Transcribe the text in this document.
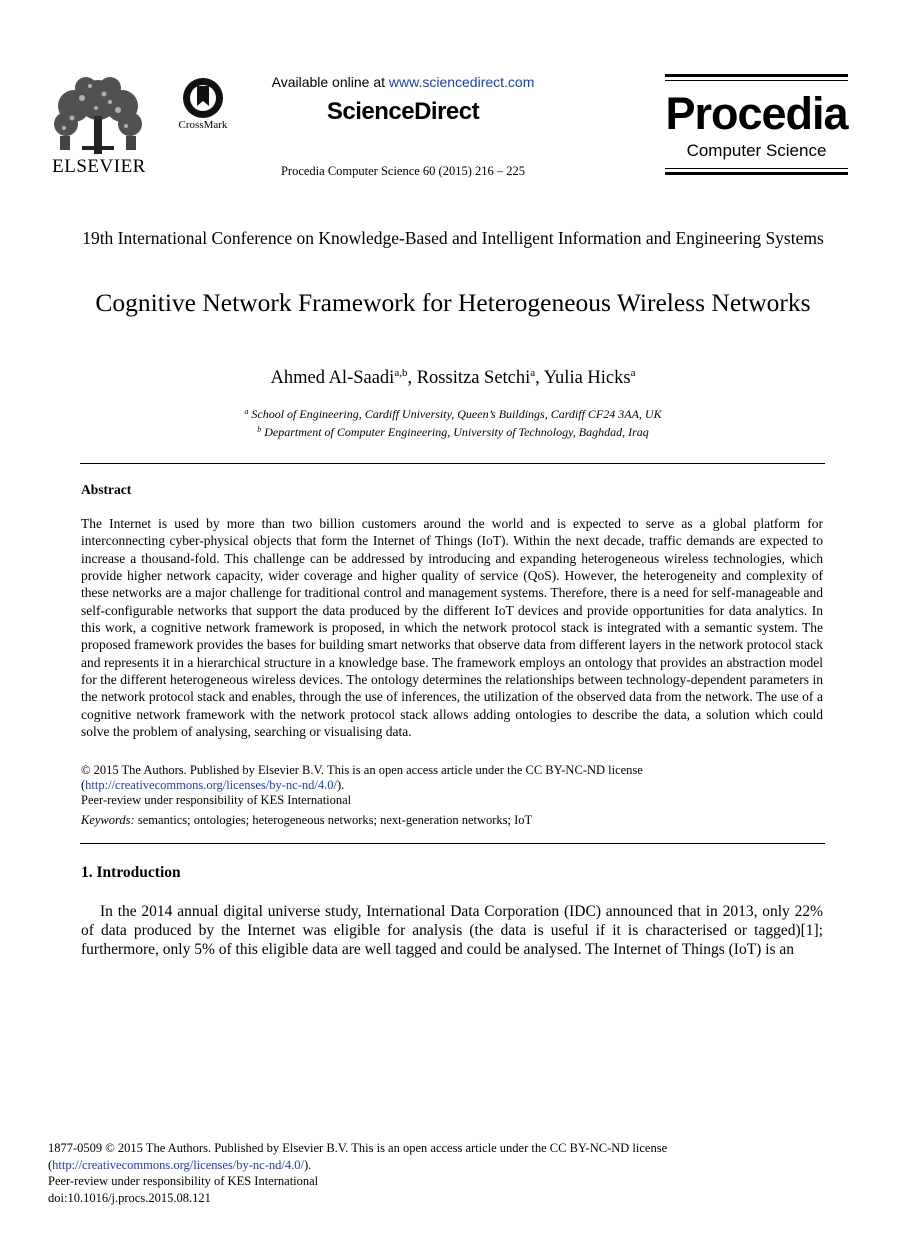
ELSEVIER
CrossMark
Available online at www.sciencedirect.com
ScienceDirect
Procedia Computer Science 60 (2015) 216 – 225
Procedia
Computer Science
19th International Conference on Knowledge-Based and Intelligent Information and Engineering Systems
Cognitive Network Framework for Heterogeneous Wireless Networks
Ahmed Al-Saadi$^{a,b}$, Rossitza Setchi$^a$, Yulia Hicks$^a$
$^a$ School of Engineering, Cardiff University, Queen’s Buildings, Cardiff CF24 3AA, UK
$^b$ Department of Computer Engineering, University of Technology, Baghdad, Iraq
Abstract
The Internet is used by more than two billion customers around the world and is expected to serve as a global platform for interconnecting cyber-physical objects that form the Internet of Things (IoT). Within the next decade, traffic demands are expected to increase a thousand-fold. This challenge can be addressed by introducing and expanding heterogeneous wireless technologies, which provide higher network capacity, wider coverage and higher quality of service (QoS). However, the heterogeneity and complexity of these networks are a major challenge for traditional control and management systems. Therefore, there is a need for self-manageable and self-configurable networks that support the data produced by the different IoT devices and provide opportunities for data analytics. In this work, a cognitive network framework is proposed, in which the network protocol stack is integrated with a semantic system. The proposed framework provides the bases for building smart networks that observe data from different layers in the network protocol stack and represents it in a hierarchical structure in a knowledge base. The framework employs an ontology that provides an abstraction model for the different heterogeneous wireless devices. The ontology determines the relationships between technology-dependent parameters in the network protocol stack and enables, through the use of inferences, the utilization of the observed data from the network. The use of a cognitive network framework with the network protocol stack allows adding ontologies to describe the data, a solution which could solve the problem of analysing, searching or visualising data.
© 2015 The Authors. Published by Elsevier B.V. This is an open access article under the CC BY-NC-ND license
(http://creativecommons.org/licenses/by-nc-nd/4.0/).
Peer-review under responsibility of KES International
Keywords: semantics; ontologies; heterogeneous networks; next-generation networks; IoT
1. Introduction
In the 2014 annual digital universe study, International Data Corporation (IDC) announced that in 2013, only 22% of data produced by the Internet was eligible for analysis (the data is useful if it is characterised or tagged)[1]; furthermore, only 5% of this eligible data are well tagged and could be analysed. The Internet of Things (IoT) is an
1877-0509 © 2015 The Authors. Published by Elsevier B.V. This is an open access article under the CC BY-NC-ND license
(http://creativecommons.org/licenses/by-nc-nd/4.0/).
Peer-review under responsibility of KES International
doi:10.1016/j.procs.2015.08.121
